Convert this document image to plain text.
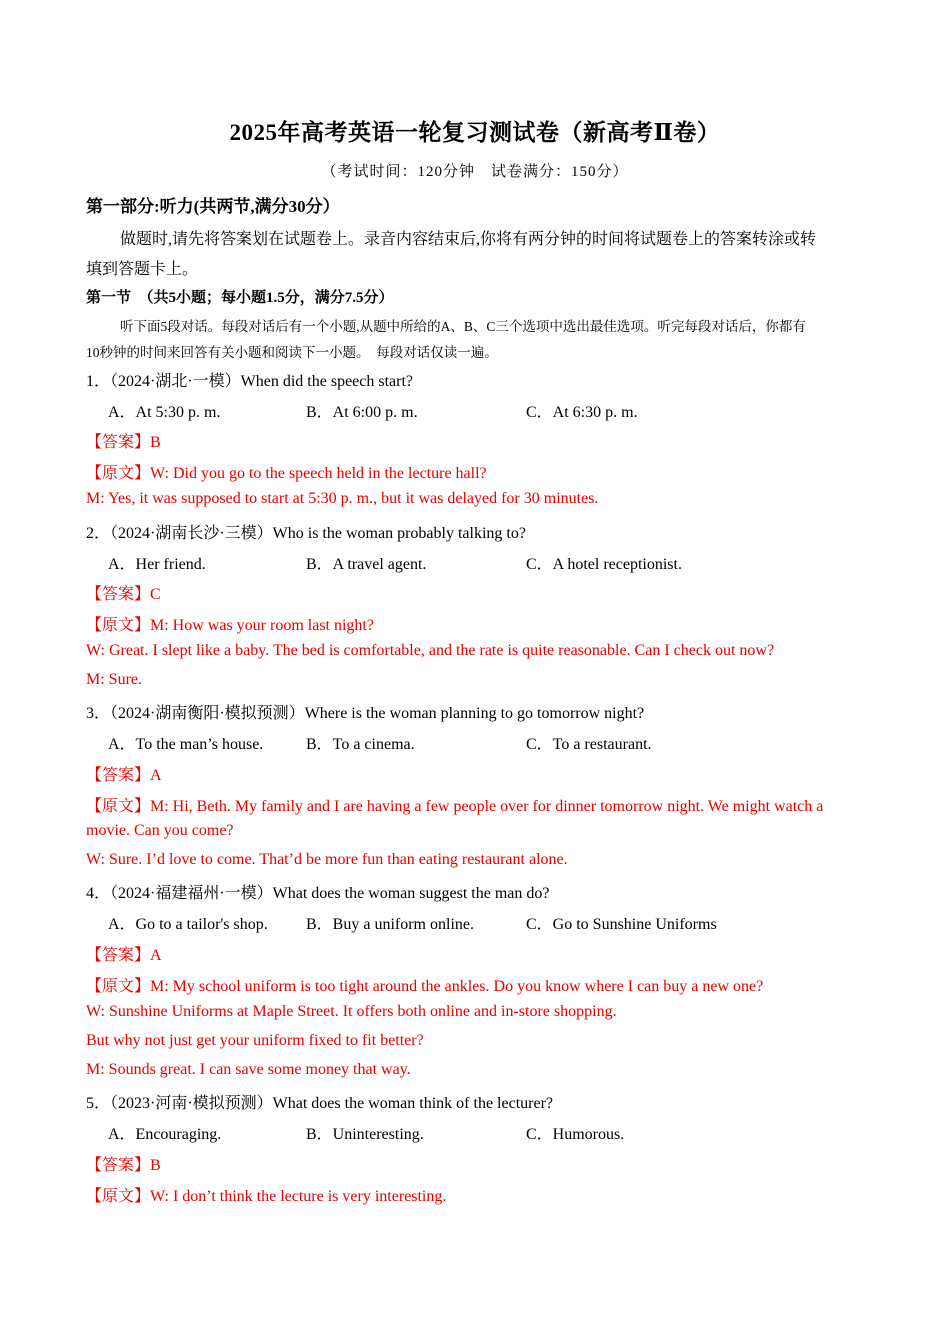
2025年高考英语一轮复习测试卷（新高考Ⅱ卷）
（考试时间：120分钟　试卷满分：150分）
第一部分:听力(共两节,满分30分）
做题时,请先将答案划在试题卷上。录音内容结束后,你将有两分钟的时间将试题卷上的答案转涂或转
填到答题卡上。
第一节　（共5小题；每小题1.5分，满分7.5分）
听下面5段对话。每段对话后有一个小题,从题中所给的A、B、C三个选项中选出最佳选项。听完每段对话后，你都有
10秒钟的时间来回答有关小题和阅读下一小题。　每段对话仅读一遍。
1．（2024·湖北·一模）When did the speech start?
A．At 5:30 p. m.	B．At 6:00 p. m.	C．At 6:30 p. m.
【答案】B
【原文】W: Did you go to the speech held in the lecture hall?
M: Yes, it was supposed to start at 5:30 p. m., but it was delayed for 30 minutes.
2．（2024·湖南长沙·三模）Who is the woman probably talking to?
A．Her friend.	B．A travel agent.	C．A hotel receptionist.
【答案】C
【原文】M: How was your room last night?
W: Great. I slept like a baby. The bed is comfortable, and the rate is quite reasonable. Can I check out now?
M: Sure.
3．（2024·湖南衡阳·模拟预测）Where is the woman planning to go tomorrow night?
A．To the man’s house.	B．To a cinema.	C．To a restaurant.
【答案】A
【原文】M: Hi, Beth. My family and I are having a few people over for dinner tomorrow night. We might watch a
movie. Can you come?
W: Sure. I’d love to come. That’d be more fun than eating restaurant alone.
4．（2024·福建福州·一模）What does the woman suggest the man do?
A．Go to a tailor's shop. B．Buy a uniform online.	C．Go to Sunshine Uniforms
【答案】A
【原文】M: My school uniform is too tight around the ankles. Do you know where I can buy a new one?
W: Sunshine Uniforms at Maple Street. It offers both online and in-store shopping.
But why not just get your uniform fixed to fit better?
M: Sounds great. I can save some money that way.
5．（2023·河南·模拟预测）What does the woman think of the lecturer?
A．Encouraging.	B．Uninteresting.	C．Humorous.
【答案】B
【原文】W: I don’t think the lecture is very interesting.
